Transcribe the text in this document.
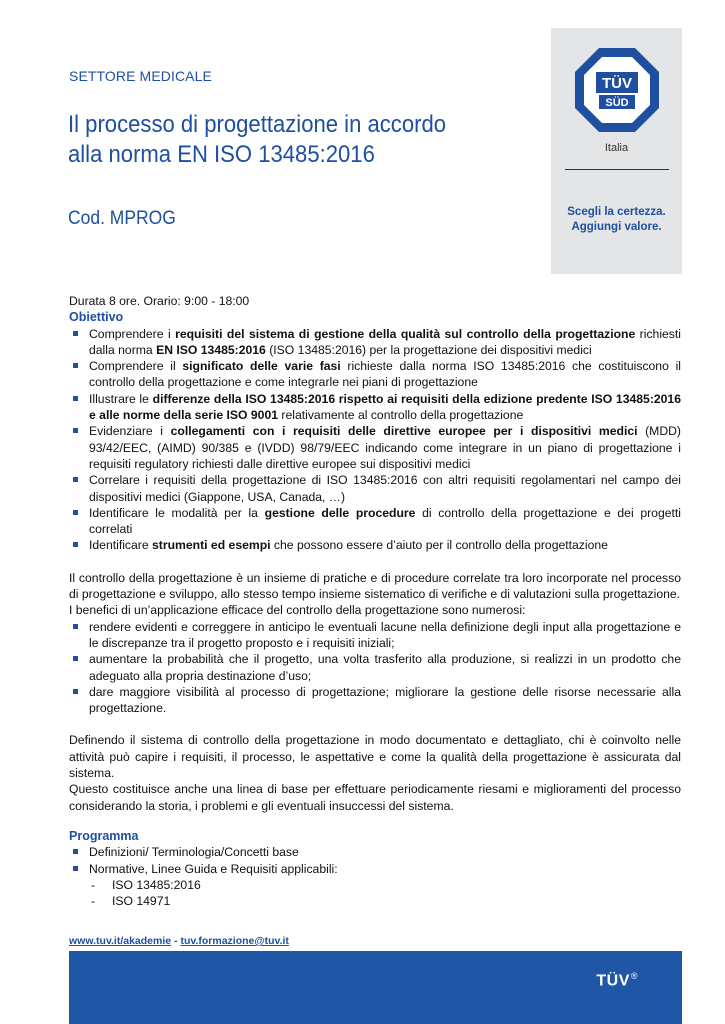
SETTORE MEDICALE
Il processo di progettazione in accordo alla norma EN ISO 13485:2016
Cod. MPROG
TÜV
SÜD
Italia
Scegli la certezza.
Aggiungi valore.

Durata 8 ore. Orario: 9:00 - 18:00

Obiettivo

Comprendere i requisiti del sistema di gestione della qualità sul controllo della progettazione richiesti dalla norma EN ISO 13485:2016 (ISO 13485:2016) per la progettazione dei dispositivi medici
Comprendere il significato delle varie fasi richieste dalla norma ISO 13485:2016 che costituiscono il controllo della progettazione e come integrarle nei piani di progettazione
Illustrare le differenze della ISO 13485:2016 rispetto ai requisiti della edizione predente ISO 13485:2016 e alle norme della serie ISO 9001 relativamente al controllo della progettazione
Evidenziare i collegamenti con i requisiti delle direttive europee per i dispositivi medici (MDD) 93/42/EEC, (AIMD) 90/385 e (IVDD) 98/79/EEC indicando come integrare in un piano di progettazione i requisiti regulatory richiesti dalle direttive europee sui dispositivi medici
Correlare i requisiti della progettazione di ISO 13485:2016 con altri requisiti regolamentari nel campo dei dispositivi medici (Giappone, USA, Canada, …)
Identificare le modalità per la gestione delle procedure di controllo della progettazione e dei progetti correlati
Identificare strumenti ed esempi che possono essere d’aiuto per il controllo della progettazione

Il controllo della progettazione è un insieme di pratiche e di procedure correlate tra loro incorporate nel processo di progettazione e sviluppo, allo stesso tempo insieme sistematico di verifiche e di valutazioni sulla progettazione.

I benefici di un’applicazione efficace del controllo della progettazione sono numerosi:

rendere evidenti e correggere in anticipo le eventuali lacune nella definizione degli input alla progettazione e le discrepanze tra il progetto proposto e i requisiti iniziali;
aumentare la probabilità che il progetto, una volta trasferito alla produzione, si realizzi in un prodotto che adeguato alla propria destinazione d’uso;
dare maggiore visibilità al processo di progettazione; migliorare la gestione delle risorse necessarie alla progettazione.

Definendo il sistema di controllo della progettazione in modo documentato e dettagliato, chi è coinvolto nelle attività può capire i requisiti, il processo, le aspettative e come la qualità della progettazione è assicurata dal sistema.

Questo costituisce anche una linea di base per effettuare periodicamente riesami e miglioramenti del processo considerando la storia, i problemi e gli eventuali insuccessi del sistema.

Programma

Definizioni/ Terminologia/Concetti base
Normative, Linee Guida e Requisiti applicabili:
- ISO 13485:2016
- ISO 14971
www.tuv.it/akademie - tuv.formazione@tuv.it
TÜV®
